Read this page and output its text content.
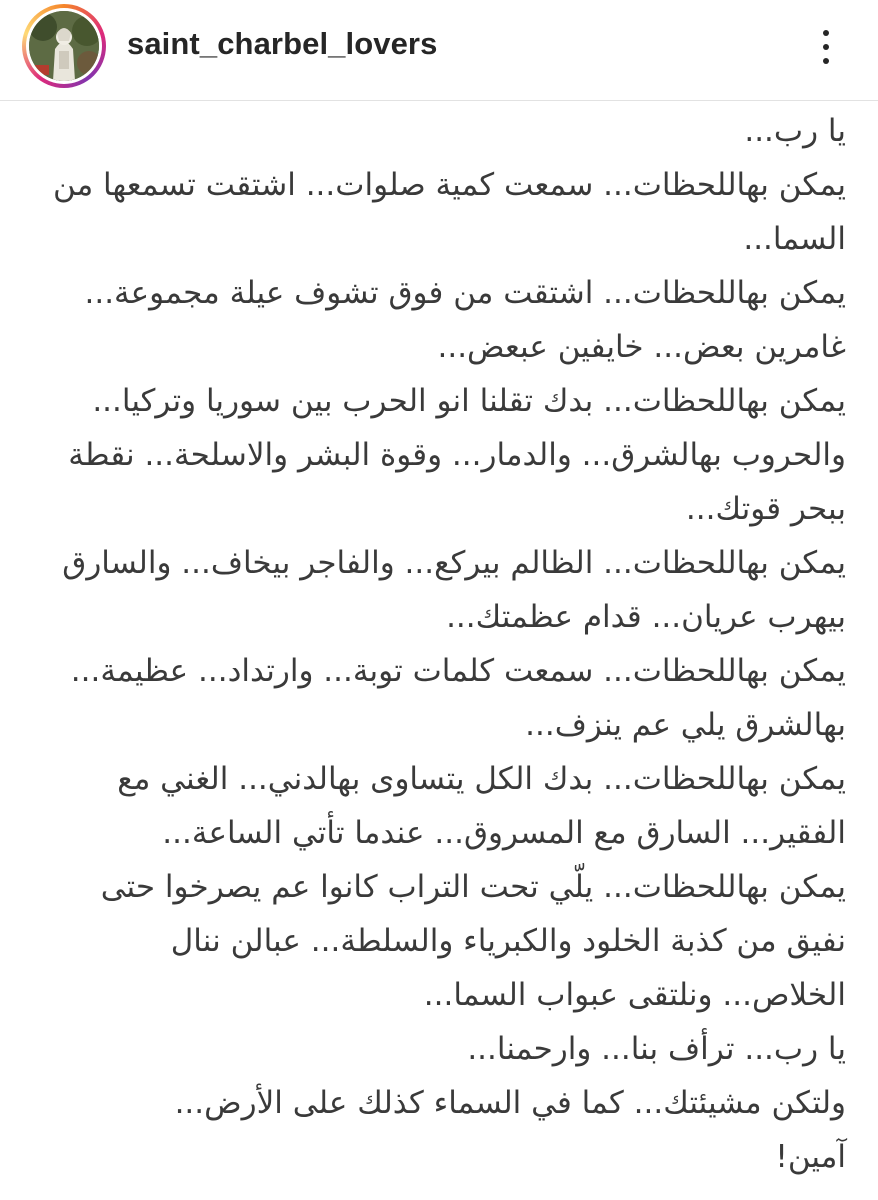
saint_charbel_lovers
يا رب...
يمكن بهاللحظات... سمعت كمية صلوات... اشتقت تسمعها من
السما...
يمكن بهاللحظات... اشتقت من فوق تشوف عيلة مجموعة...
غامرين بعض... خايفين عبعض...
يمكن بهاللحظات... بدك تقلنا انو الحرب بين سوريا وتركيا...
والحروب بهالشرق... والدمار... وقوة البشر والاسلحة... نقطة
ببحر قوتك...
يمكن بهاللحظات... الظالم بيركع... والفاجر بيخاف... والسارق
بيهرب عريان... قدام عظمتك...
يمكن بهاللحظات... سمعت كلمات توبة... وارتداد... عظيمة...
بهالشرق يلي عم ينزف...
يمكن بهاللحظات... بدك الكل يتساوى بهالدني... الغني مع
الفقير... السارق مع المسروق... عندما تأتي الساعة...
يمكن بهاللحظات... يلّي تحت التراب كانوا عم يصرخوا حتى
نفيق من كذبة الخلود والكبرياء والسلطة... عبالن ننال
الخلاص... ونلتقى عبواب السما...
يا رب... ترأف بنا... وارحمنا...
ولتكن مشيئتك... كما في السماء كذلك على الأرض...
آمين!
